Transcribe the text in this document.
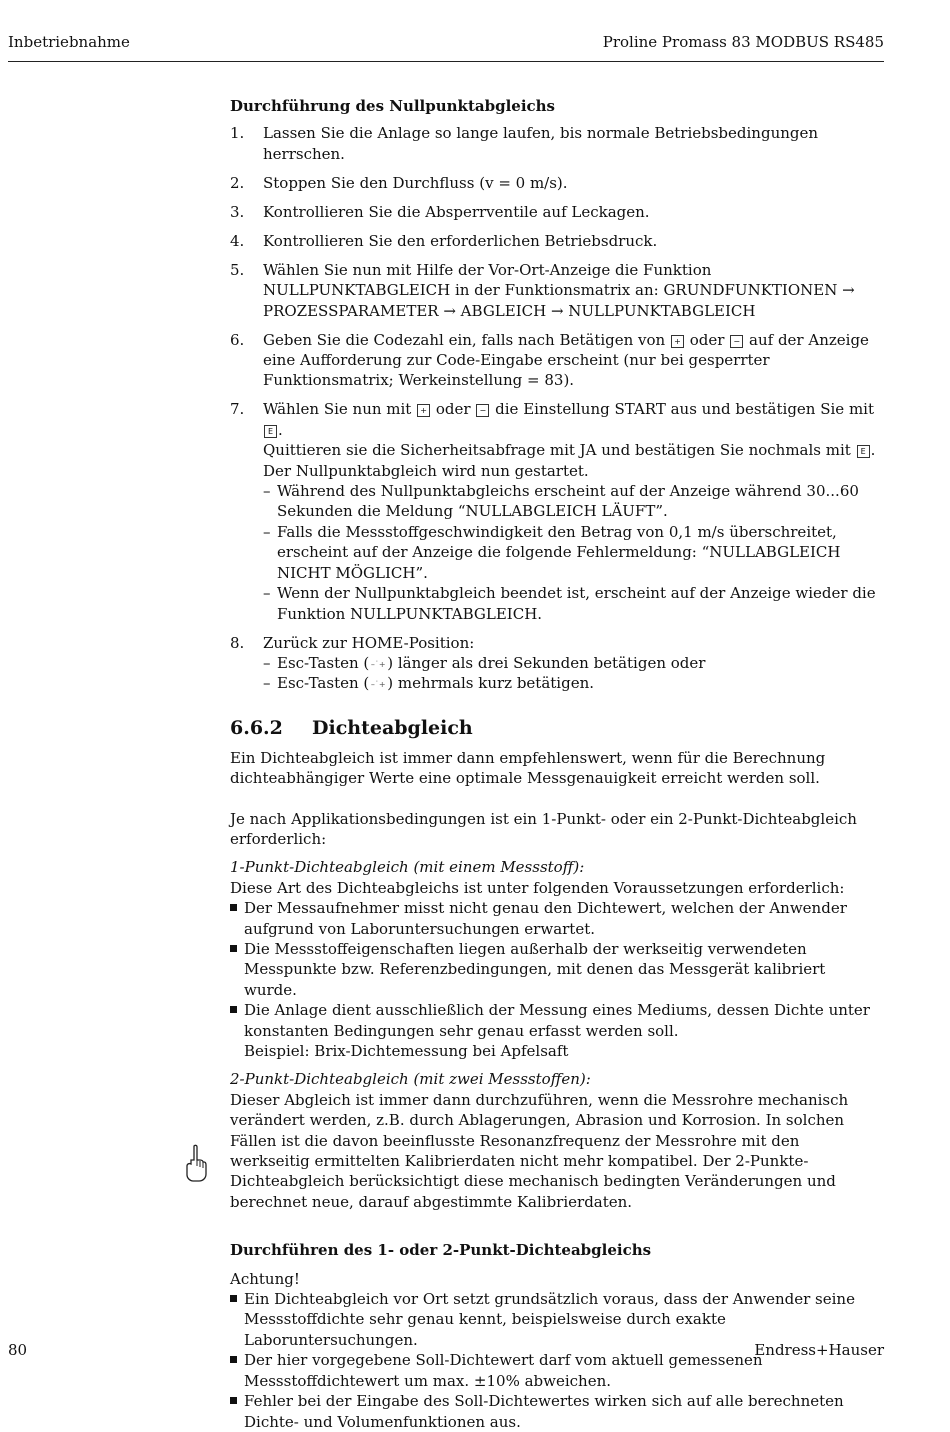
Inbetriebnahme	Proline Promass 83 MODBUS RS485
Durchführung des Nullpunktabgleichs
1. Lassen Sie die Anlage so lange laufen, bis normale Betriebsbedingungen herrschen.
2. Stoppen Sie den Durchfluss (v = 0 m/s).
3. Kontrollieren Sie die Absperrventile auf Leckagen.
4. Kontrollieren Sie den erforderlichen Betriebsdruck.
5. Wählen Sie nun mit Hilfe der Vor-Ort-Anzeige die Funktion NULLPUNKTABGLEICH in der Funktionsmatrix an: GRUNDFUNKTIONEN → PROZESSPARAMETER → ABGLEICH → NULLPUNKTABGLEICH
6. Geben Sie die Codezahl ein, falls nach Betätigen von + oder − auf der Anzeige eine Aufforderung zur Code-Eingabe erscheint (nur bei gesperrter Funktionsmatrix; Werkeinstellung = 83).
7. Wählen Sie nun mit + oder − die Einstellung START aus und bestätigen Sie mit E .
Quittieren sie die Sicherheitsabfrage mit JA und bestätigen Sie nochmals mit E .
Der Nullpunktabgleich wird nun gestartet.
– Während des Nullpunktabgleichs erscheint auf der Anzeige während 30...60 Sekunden die Meldung “NULLABGLEICH LÄUFT”.
– Falls die Messstoffgeschwindigkeit den Betrag von 0,1 m/s überschreitet, erscheint auf der Anzeige die folgende Fehlermeldung: “NULLABGLEICH NICHT MÖGLICH”.
– Wenn der Nullpunktabgleich beendet ist, erscheint auf der Anzeige wieder die Funktion NULLPUNKTABGLEICH.
8. Zurück zur HOME-Position:
– Esc-Tasten ( –˙+ ) länger als drei Sekunden betätigen oder
– Esc-Tasten ( –˙+ ) mehrmals kurz betätigen.
6.6.2 Dichteabgleich

Ein Dichteabgleich ist immer dann empfehlenswert, wenn für die Berechnung dichteabhängiger Werte eine optimale Messgenauigkeit erreicht werden soll.

Je nach Applikationsbedingungen ist ein 1-Punkt- oder ein 2-Punkt-Dichteabgleich erforderlich:

1-Punkt-Dichteabgleich (mit einem Messstoff):

Diese Art des Dichteabgleichs ist unter folgenden Voraussetzungen erforderlich:

Der Messaufnehmer misst nicht genau den Dichtewert, welchen der Anwender aufgrund von Laboruntersuchungen erwartet.
Die Messstoffeigenschaften liegen außerhalb der werkseitig verwendeten Messpunkte bzw. Referenzbedingungen, mit denen das Messgerät kalibriert wurde.
Die Anlage dient ausschließlich der Messung eines Mediums, dessen Dichte unter konstanten Bedingungen sehr genau erfasst werden soll.
Beispiel: Brix-Dichtemessung bei Apfelsaft

2-Punkt-Dichteabgleich (mit zwei Messstoffen):

Dieser Abgleich ist immer dann durchzuführen, wenn die Messrohre mechanisch verändert werden, z.B. durch Ablagerungen, Abrasion und Korrosion. In solchen Fällen ist die davon beeinflusste Resonanzfrequenz der Messrohre mit den werkseitig ermittelten Kalibrierdaten nicht mehr kompatibel. Der 2-Punkte-Dichteabgleich berücksichtigt diese mechanisch bedingten Veränderungen und berechnet neue, darauf abgestimmte Kalibrierdaten.

Durchführen des 1- oder 2-Punkt-Dichteabgleichs

Achtung!

Ein Dichteabgleich vor Ort setzt grundsätzlich voraus, dass der Anwender seine Messstoffdichte sehr genau kennt, beispielsweise durch exakte Laboruntersuchungen.
Der hier vorgegebene Soll-Dichtewert darf vom aktuell gemessenen Messstoffdichtewert um max. ±10% abweichen.
Fehler bei der Eingabe des Soll-Dichtewertes wirken sich auf alle berechneten Dichte- und Volumenfunktionen aus.
80	Endress+Hauser
